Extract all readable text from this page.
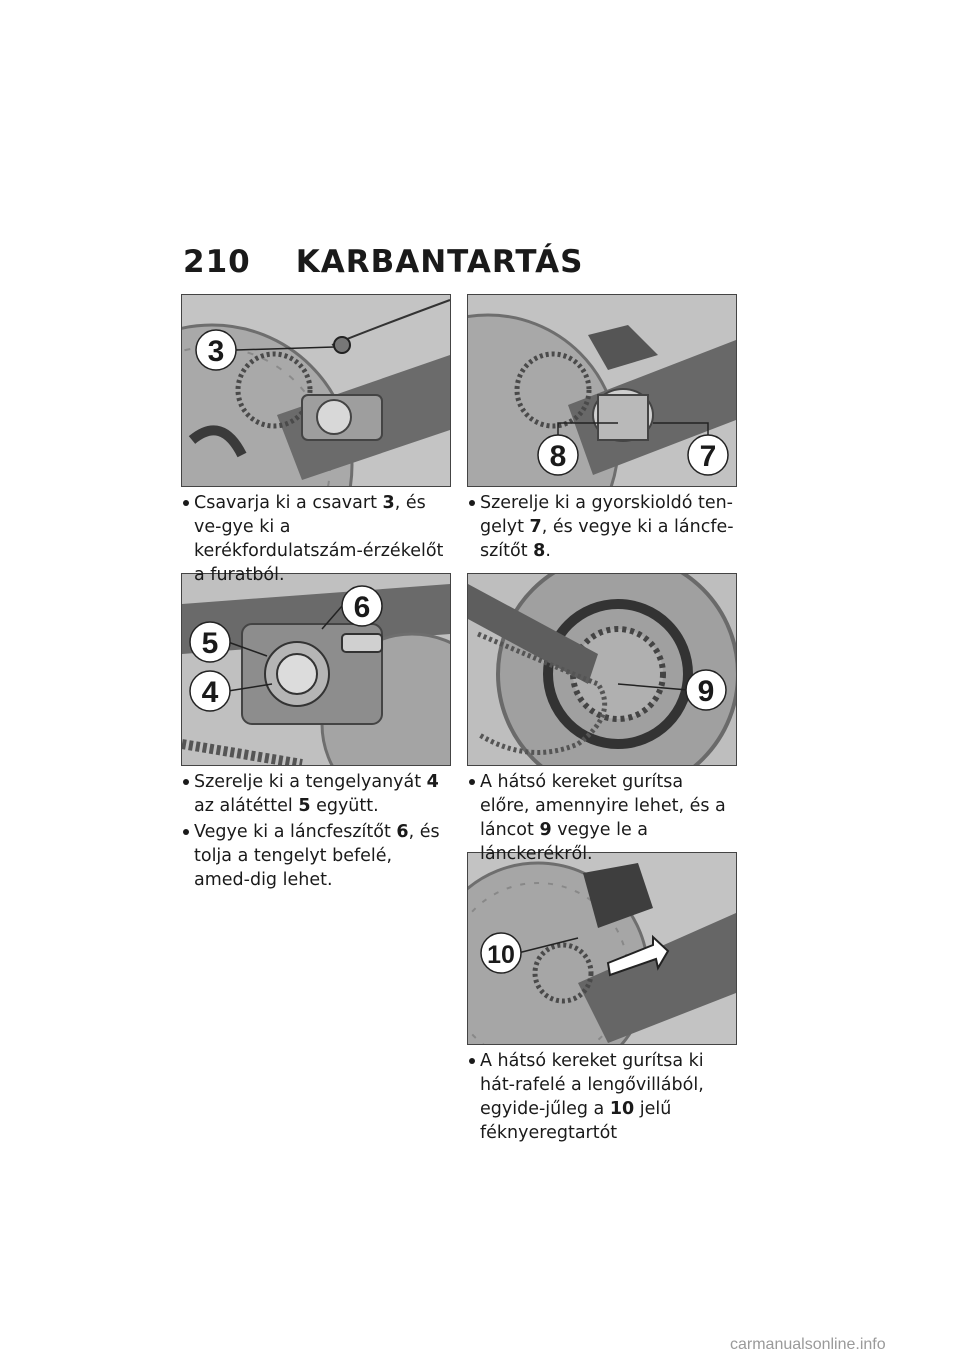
210 KARBANTARTÁS
3
8	7
6
5
4	9
10
Csavarja ki a csavart 3, és ve-gye ki a kerékfordulatszám-érzékelőt a furatból.
Szerelje ki a gyorskioldó ten-gelyt 7, és vegye ki a láncfe-szítőt 8.
Szerelje ki a tengelyanyát 4 az alátéttel 5 együtt.
Vegye ki a láncfeszítőt 6, és tolja a tengelyt befelé, amed-dig lehet.
A hátsó kereket gurítsa előre, amennyire lehet, és a láncot 9 vegye le a lánckerékről.
A hátsó kereket gurítsa ki hát-rafelé a lengővillából, egyide-jűleg a 10 jelű féknyeregtartót
carmanualsonline.info
